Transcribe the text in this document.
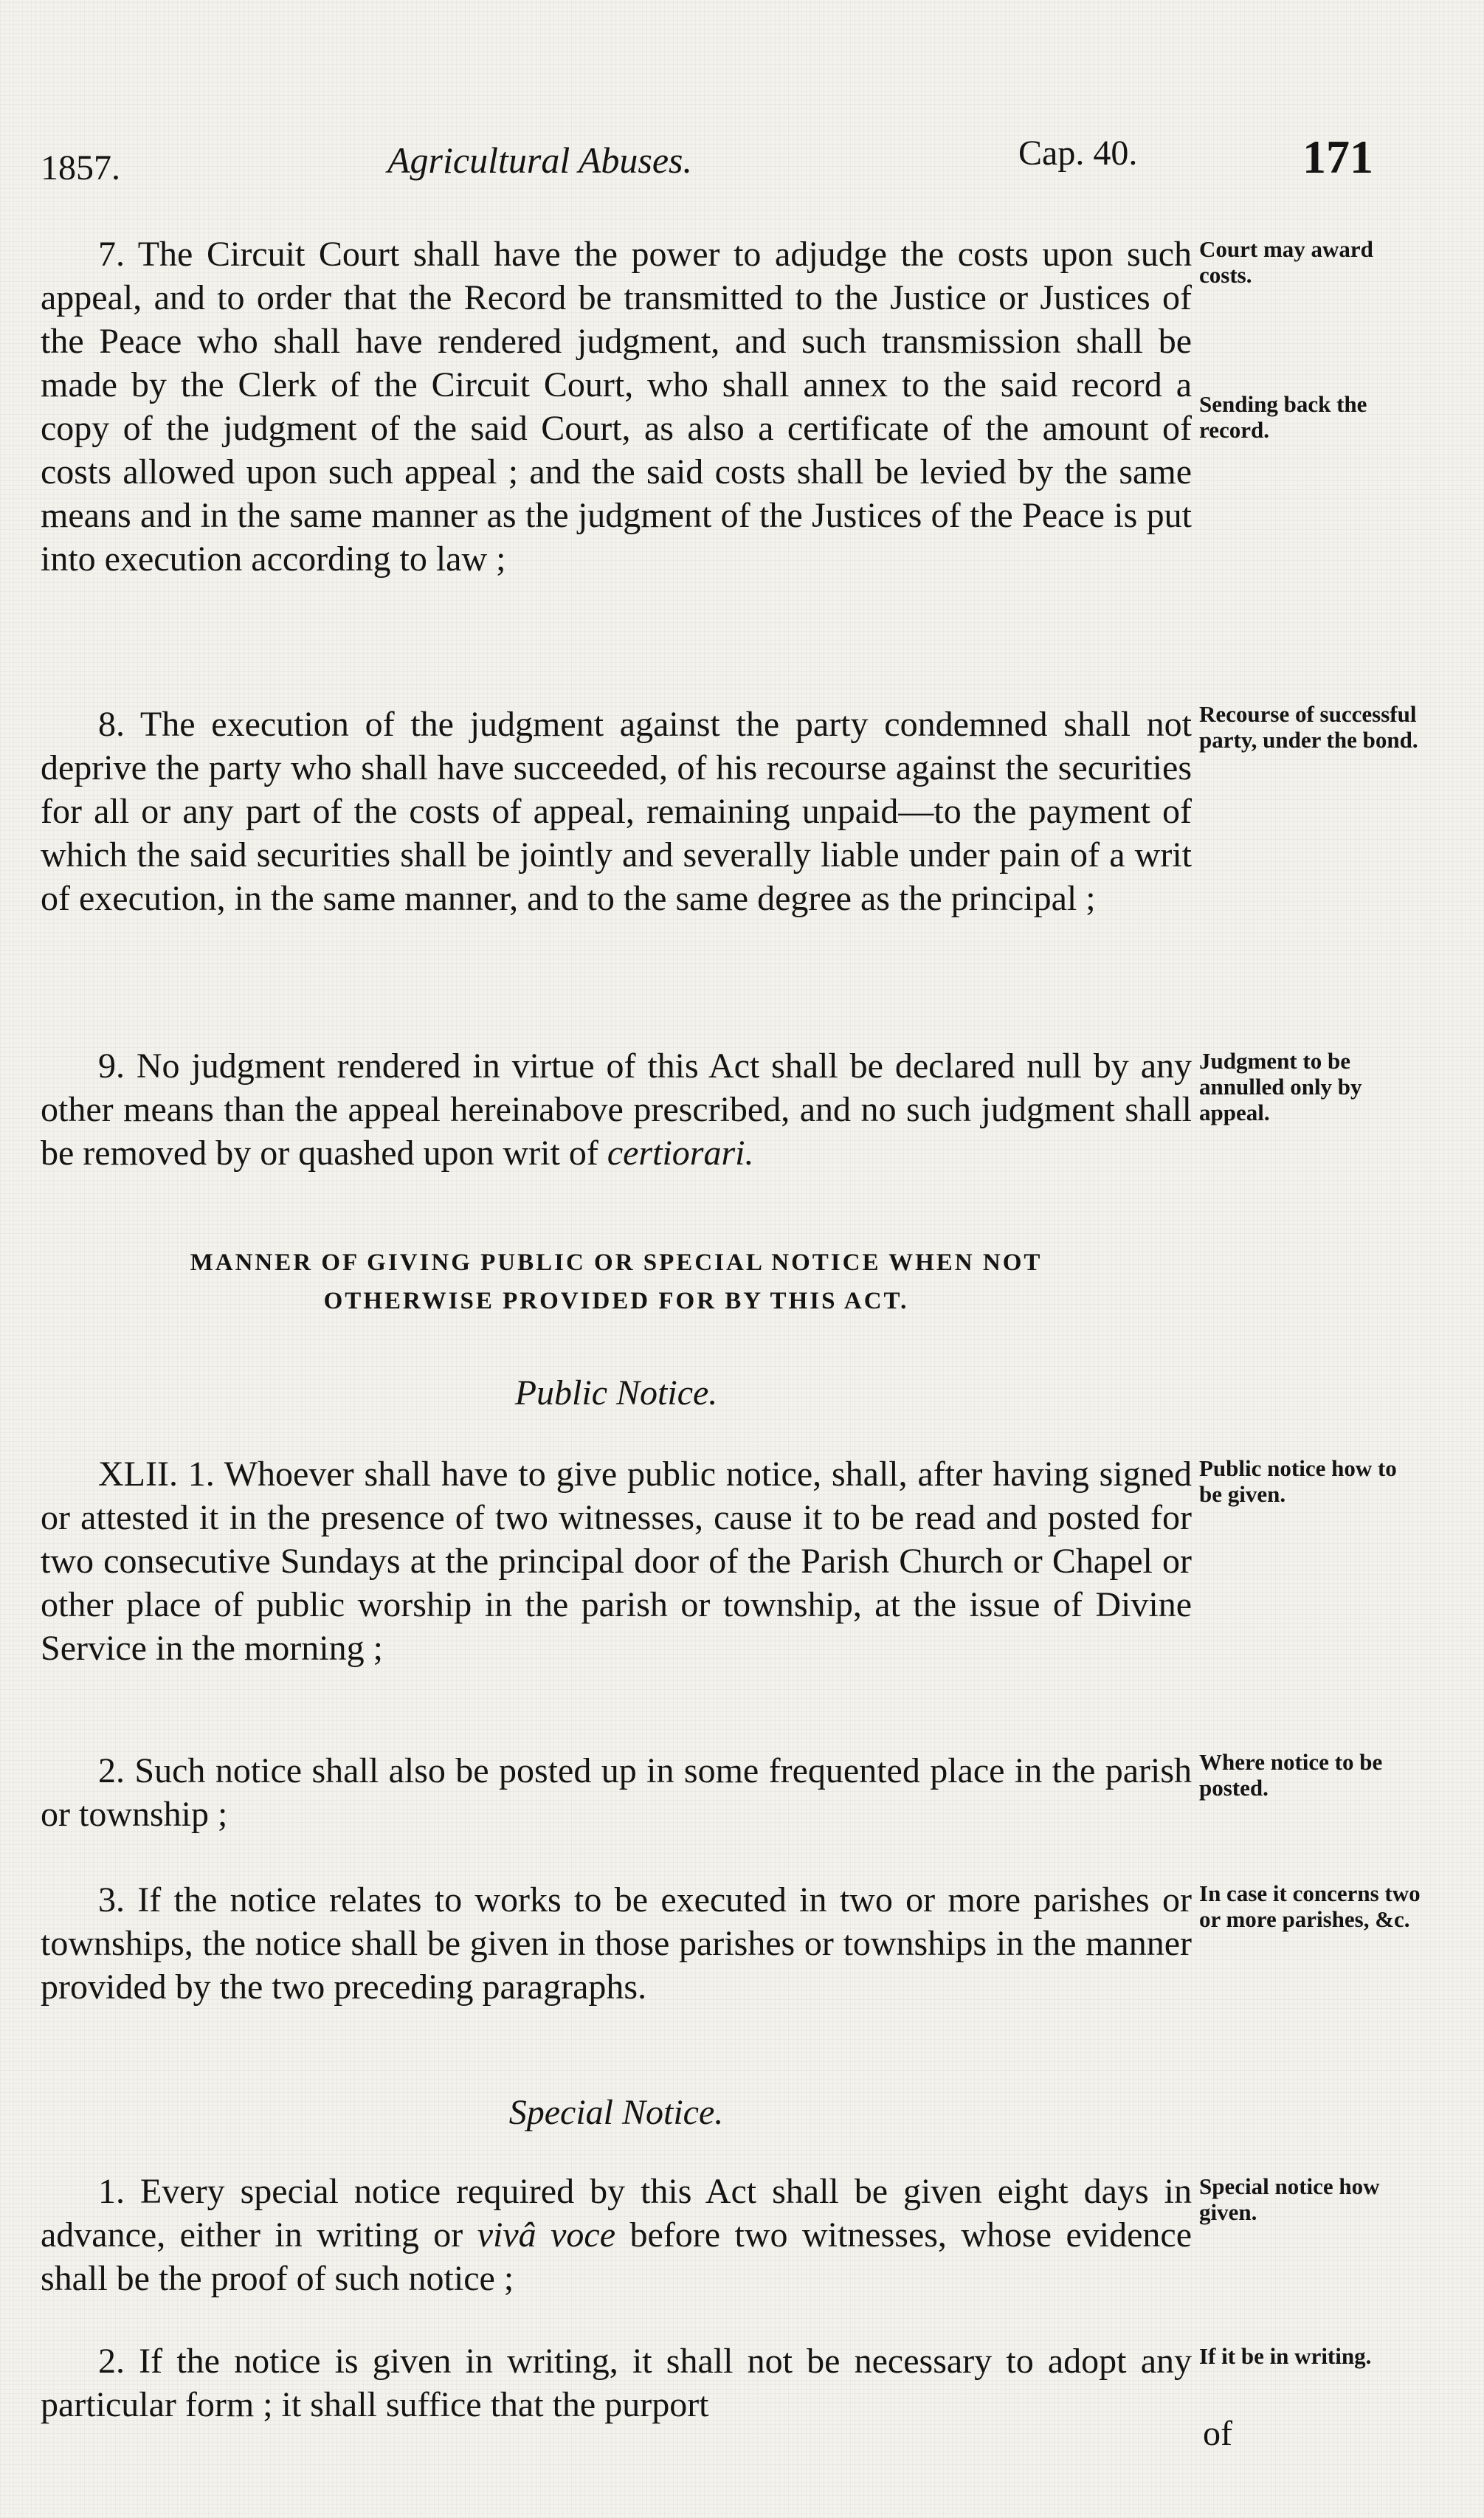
1857.	Agricultural Abuses.	Cap. 40.	171
7. The Circuit Court shall have the power to adjudge the costs upon such appeal, and to order that the Record be transmitted to the Justice or Justices of the Peace who shall have rendered judgment, and such transmission shall be made by the Clerk of the Circuit Court, who shall annex to the said record a copy of the judgment of the said Court, as also a certificate of the amount of costs allowed upon such appeal ; and the said costs shall be levied by the same means and in the same manner as the judgment of the Justices of the Peace is put into execution according to law ;
8. The execution of the judgment against the party condemned shall not deprive the party who shall have succeeded, of his recourse against the securities for all or any part of the costs of appeal, remaining unpaid—to the payment of which the said securities shall be jointly and severally liable under pain of a writ of execution, in the same manner, and to the same degree as the principal ;
9. No judgment rendered in virtue of this Act shall be declared null by any other means than the appeal hereinabove prescribed, and no such judgment shall be removed by or quashed upon writ of certiorari.
MANNER OF GIVING PUBLIC OR SPECIAL NOTICE WHEN NOT
OTHERWISE PROVIDED FOR BY THIS ACT.
Public Notice.
XLII. 1. Whoever shall have to give public notice, shall, after having signed or attested it in the presence of two witnesses, cause it to be read and posted for two consecutive Sundays at the principal door of the Parish Church or Chapel or other place of public worship in the parish or township, at the issue of Divine Service in the morning ;
2. Such notice shall also be posted up in some frequented place in the parish or township ;
3. If the notice relates to works to be executed in two or more parishes or townships, the notice shall be given in those parishes or townships in the manner provided by the two preceding paragraphs.
Special Notice.
1. Every special notice required by this Act shall be given eight days in advance, either in writing or vivâ voce before two witnesses, whose evidence shall be the proof of such notice ;
2. If the notice is given in writing, it shall not be necessary to adopt any particular form ; it shall suffice that the purport
Court may award costs.
Sending back the record.
Recourse of successful party, under the bond.
Judgment to be annulled only by appeal.
Public notice how to be given.
Where notice to be posted.
In case it concerns two or more parishes, &c.
Special notice how given.
If it be in writing.
of
